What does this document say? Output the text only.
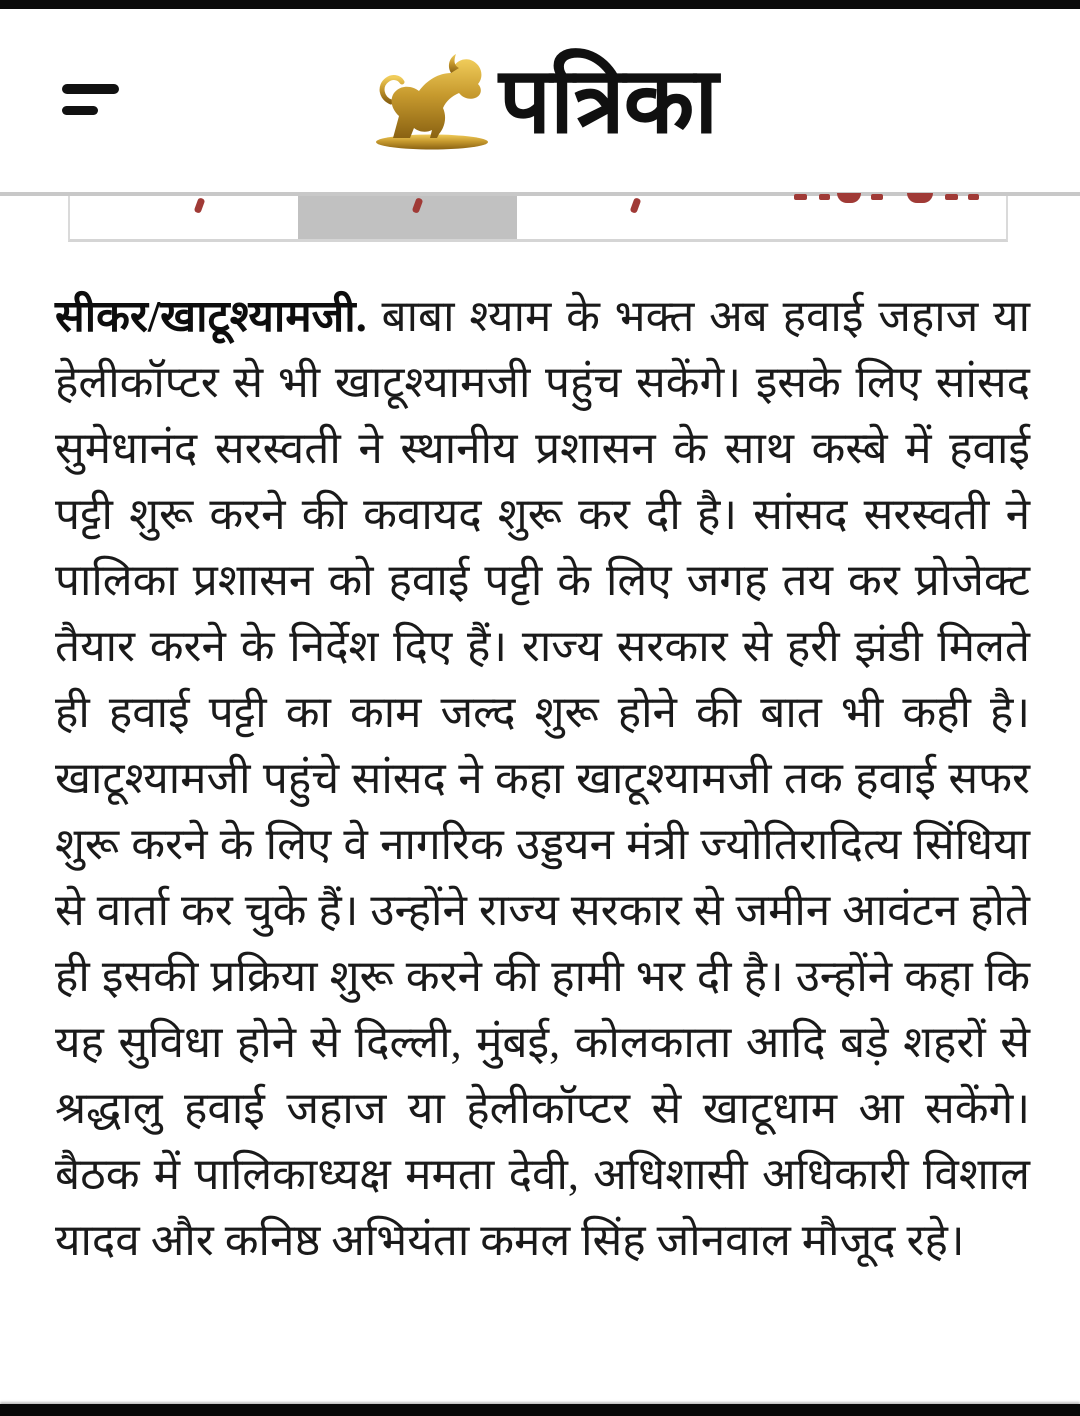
पत्रिका

सीकर/खाटूश्यामजी. बाबा श्याम के भक्त अब हवाई जहाज या हेलीकॉप्टर से भी खाटूश्यामजी पहुंच सकेंगे। इसके लिए सांसद सुमेधानंद सरस्वती ने स्थानीय प्रशासन के साथ कस्बे में हवाई पट्टी शुरू करने की कवायद शुरू कर दी है। सांसद सरस्वती ने पालिका प्रशासन को हवाई पट्टी के लिए जगह तय कर प्रोजेक्ट तैयार करने के निर्देश दिए हैं। राज्य सरकार से हरी झंडी मिलते ही हवाई पट्टी का काम जल्द शुरू होने की बात भी कही है। खाटूश्यामजी पहुंचे सांसद ने कहा खाटूश्यामजी तक हवाई सफर शुरू करने के लिए वे नागरिक उड्डयन मंत्री ज्योतिरादित्य सिंधिया से वार्ता कर चुके हैं। उन्होंने राज्य सरकार से जमीन आवंटन होते ही इसकी प्रक्रिया शुरू करने की हामी भर दी है। उन्होंने कहा कि यह सुविधा होने से दिल्ली, मुंबई, कोलकाता आदि बड़े शहरों से श्रद्धालु हवाई जहाज या हेलीकॉप्टर से खाटूधाम आ सकेंगे। बैठक में पालिकाध्यक्ष ममता देवी, अधिशासी अधिकारी विशाल यादव और कनिष्ठ अभियंता कमल सिंह जोनवाल मौजूद रहे।
